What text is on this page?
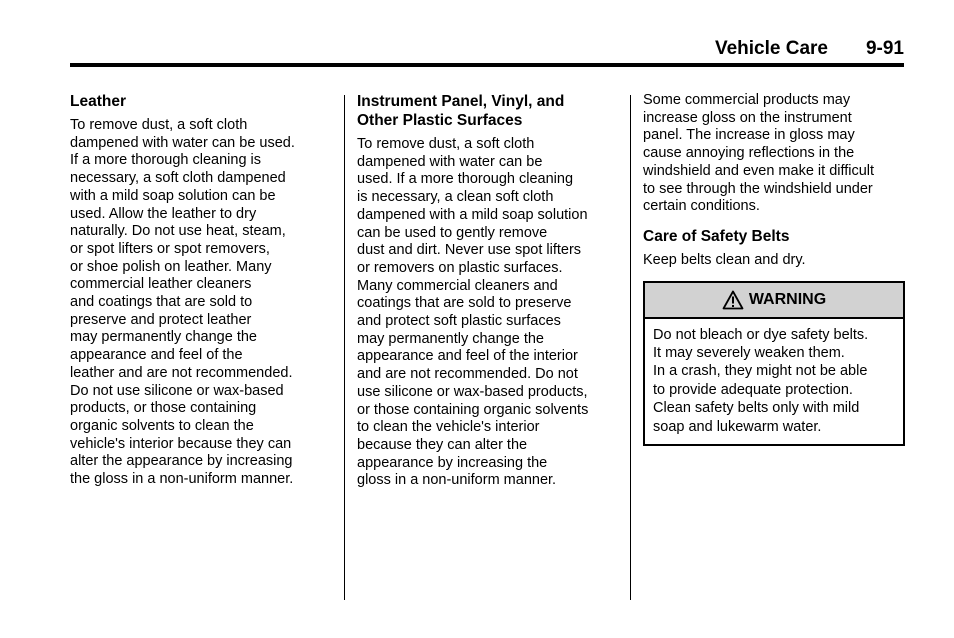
Vehicle Care 9-91
Leather

To remove dust, a soft cloth
dampened with water can be used.
If a more thorough cleaning is
necessary, a soft cloth dampened
with a mild soap solution can be
used. Allow the leather to dry
naturally. Do not use heat, steam,
or spot lifters or spot removers,
or shoe polish on leather. Many
commercial leather cleaners
and coatings that are sold to
preserve and protect leather
may permanently change the
appearance and feel of the
leather and are not recommended.
Do not use silicone or wax-based
products, or those containing
organic solvents to clean the
vehicle's interior because they can
alter the appearance by increasing
the gloss in a non-uniform manner.

Instrument Panel, Vinyl, and
Other Plastic Surfaces

To remove dust, a soft cloth
dampened with water can be
used. If a more thorough cleaning
is necessary, a clean soft cloth
dampened with a mild soap solution
can be used to gently remove
dust and dirt. Never use spot lifters
or removers on plastic surfaces.
Many commercial cleaners and
coatings that are sold to preserve
and protect soft plastic surfaces
may permanently change the
appearance and feel of the interior
and are not recommended. Do not
use silicone or wax-based products,
or those containing organic solvents
to clean the vehicle's interior
because they can alter the
appearance by increasing the
gloss in a non-uniform manner.

Some commercial products may
increase gloss on the instrument
panel. The increase in gloss may
cause annoying reflections in the
windshield and even make it difficult
to see through the windshield under
certain conditions.

Care of Safety Belts

Keep belts clean and dry.

WARNING

Do not bleach or dye safety belts.
It may severely weaken them.
In a crash, they might not be able
to provide adequate protection.
Clean safety belts only with mild
soap and lukewarm water.
